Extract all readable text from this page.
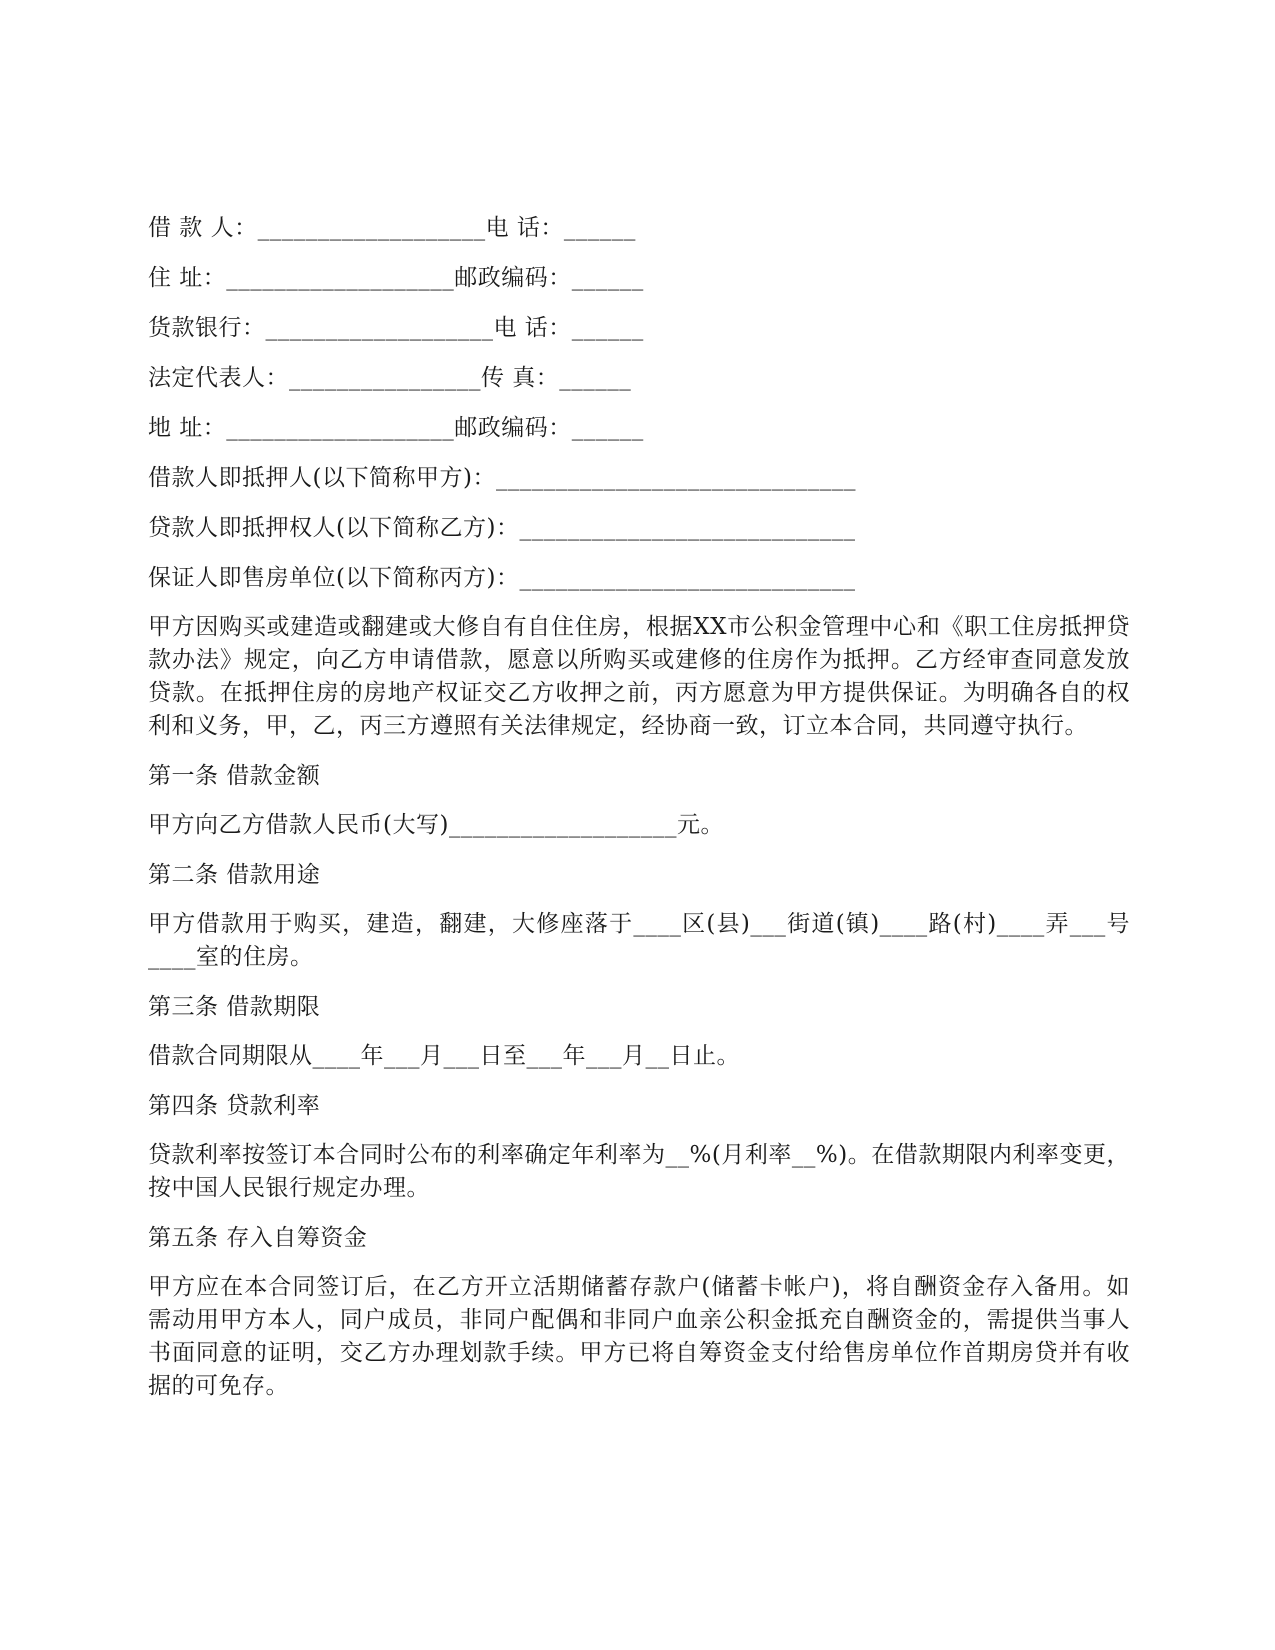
借 款 人：___________________电 话：______
住 址：___________________邮政编码：______
货款银行：___________________电 话：______
法定代表人：________________传 真：______
地 址：___________________邮政编码：______
借款人即抵押人(以下简称甲方)：______________________________
贷款人即抵押权人(以下简称乙方)：____________________________
保证人即售房单位(以下简称丙方)：____________________________
甲方因购买或建造或翻建或大修自有自住住房，根据XX市公积金管理中心和《职工住房抵押贷款办法》规定，向乙方申请借款，愿意以所购买或建修的住房作为抵押。乙方经审查同意发放贷款。在抵押住房的房地产权证交乙方收押之前，丙方愿意为甲方提供保证。为明确各自的权利和义务，甲，乙，丙三方遵照有关法律规定，经协商一致，订立本合同，共同遵守执行。
第一条 借款金额
甲方向乙方借款人民币(大写)___________________元。
第二条 借款用途
甲方借款用于购买，建造，翻建，大修座落于____区(县)___街道(镇)____路(村)____弄___号____室的住房。
第三条 借款期限
借款合同期限从____年___月___日至___年___月__日止。
第四条 贷款利率
贷款利率按签订本合同时公布的利率确定年利率为__%(月利率__%)。在借款期限内利率变更，按中国人民银行规定办理。
第五条 存入自筹资金
甲方应在本合同签订后，在乙方开立活期储蓄存款户(储蓄卡帐户)，将自酬资金存入备用。如需动用甲方本人，同户成员，非同户配偶和非同户血亲公积金抵充自酬资金的，需提供当事人书面同意的证明，交乙方办理划款手续。甲方已将自筹资金支付给售房单位作首期房贷并有收据的可免存。
